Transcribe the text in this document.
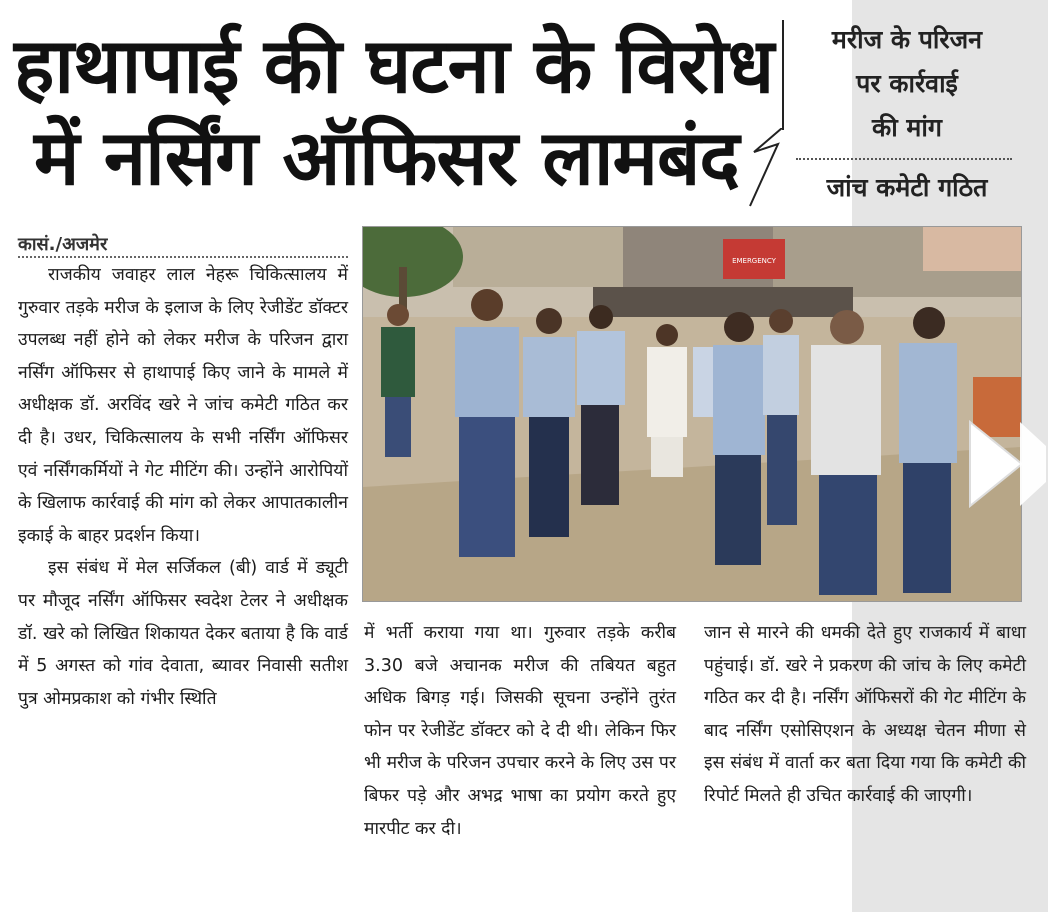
हाथापाई की घटना के विरोध
में नर्सिंग ऑफिसर लामबंद
मरीज के परिजन
पर कार्रवाई
की मांग
जांच कमेटी गठित
कासं./अजमेर

राजकीय जवाहर लाल नेहरू चिकित्सालय में गुरुवार तड़के मरीज के इलाज के लिए रेजीडेंट डॉक्टर उपलब्ध नहीं होने को लेकर मरीज के परिजन द्वारा नर्सिंग ऑफिसर से हाथापाई किए जाने के मामले में अधीक्षक डॉ. अरविंद खरे ने जांच कमेटी गठित कर दी है। उधर, चिकित्सालय के सभी नर्सिंग ऑफिसर एवं नर्सिंगकर्मियों ने गेट मीटिंग की। उन्होंने आरोपियों के खिलाफ कार्रवाई की मांग को लेकर आपातकालीन इकाई के बाहर प्रदर्शन किया।

इस संबंध में मेल सर्जिकल (बी) वार्ड में ड्यूटी पर मौजूद नर्सिंग ऑफिसर स्वदेश टेलर ने अधीक्षक डॉ. खरे को लिखित शिकायत देकर बताया है कि वार्ड में 5 अगस्त को गांव देवाता, ब्यावर निवासी सतीश पुत्र ओमप्रकाश को गंभीर स्थिति

EMERGENCY

में भर्ती कराया गया था। गुरुवार तड़के करीब 3.30 बजे अचानक मरीज की तबियत बहुत अधिक बिगड़ गई। जिसकी सूचना उन्होंने तुरंत फोन पर रेजीडेंट डॉक्टर को दे दी थी। लेकिन फिर भी मरीज के परिजन उपचार करने के लिए उस पर बिफर पड़े और अभद्र भाषा का प्रयोग करते हुए मारपीट कर दी।

जान से मारने की धमकी देते हुए राजकार्य में बाधा पहुंचाई। डॉ. खरे ने प्रकरण की जांच के लिए कमेटी गठित कर दी है। नर्सिंग ऑफिसरों की गेट मीटिंग के बाद नर्सिंग एसोसिएशन के अध्यक्ष चेतन मीणा से इस संबंध में वार्ता कर बता दिया गया कि कमेटी की रिपोर्ट मिलते ही उचित कार्रवाई की जाएगी।
